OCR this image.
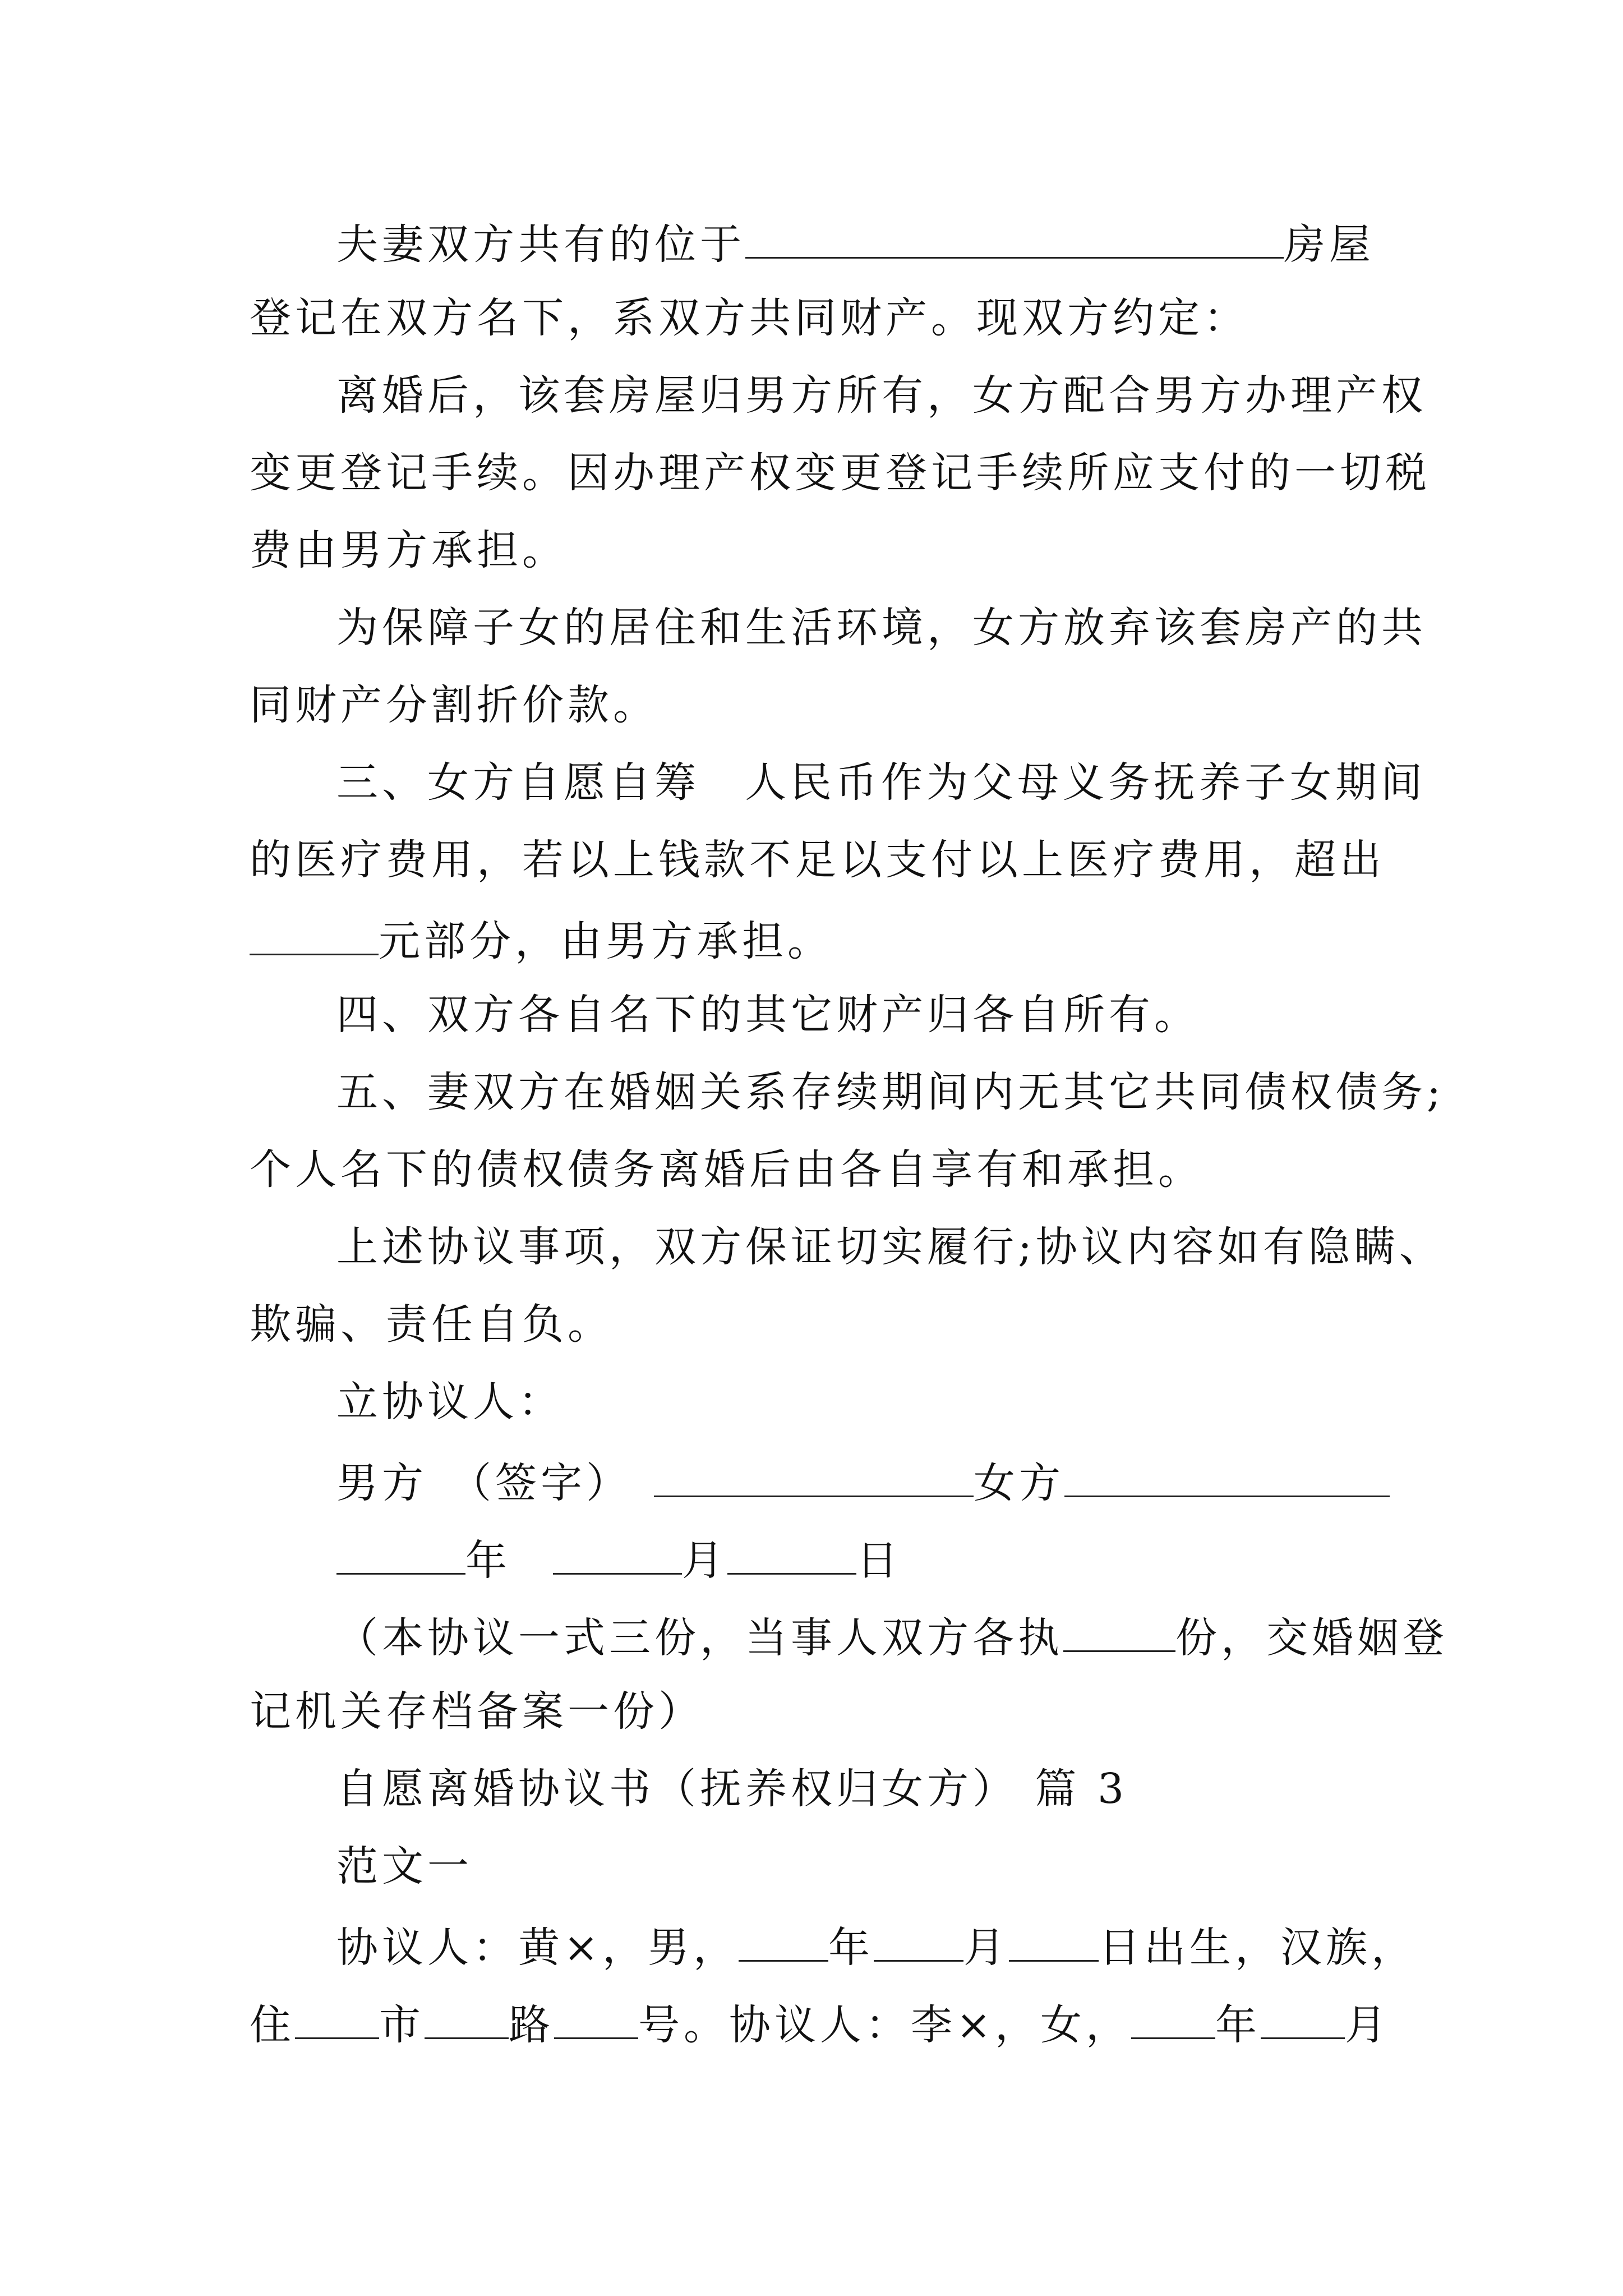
夫妻双方共有的位于	房屋
登记在双方名下，系双方共同财产。现双方约定：
离婚后，该套房屋归男方所有，女方配合男方办理产权
变更登记手续。因办理产权变更登记手续所应支付的一切税
费由男方承担。
为保障子女的居住和生活环境，女方放弃该套房产的共
同财产分割折价款。
三、女方自愿自筹 人民币作为父母义务抚养子女期间
的医疗费用，若以上钱款不足以支付以上医疗费用，超出
元部分，由男方承担。
四、双方各自名下的其它财产归各自所有。
五、妻双方在婚姻关系存续期间内无其它共同债权债务;
个人名下的债权债务离婚后由各自享有和承担。
上述协议事项，双方保证切实履行;协议内容如有隐瞒、
欺骗、责任自负。
立协议人：
男方 （签字）	女方
年	月	日
（本协议一式三份，当事人双方各执	份，交婚姻登
记机关存档备案一份）
自愿离婚协议书（抚养权归女方） 篇 3
范文一
协议人：黄×，男， 年 月 日出生，汉族，
住 市 路 号。协议人：李×，女， 年 月
